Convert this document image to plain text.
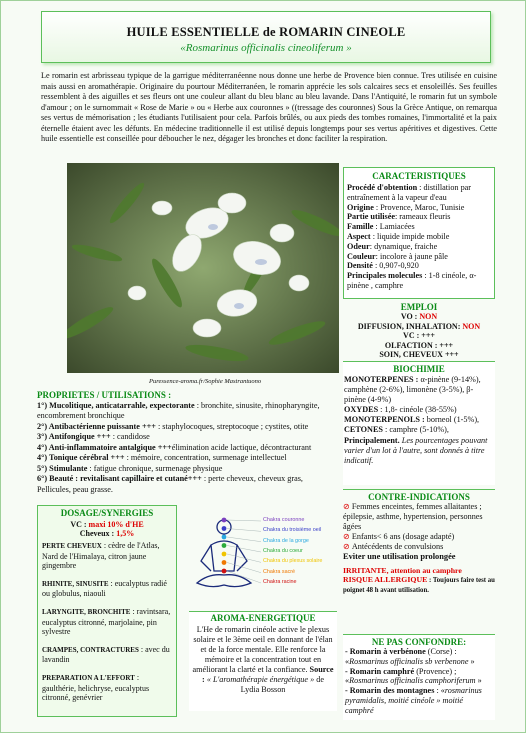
HUILE ESSENTIELLE de ROMARIN CINEOLE
«Rosmarinus officinalis cineoliferum »
Le romarin est arbrisseau typique de la garrigue méditerranéenne nous donne une herbe de Provence bien connue. Tres utilisée en cuisine mais aussi en aromathérapie. Originaire du pourtour Méditerranéen, le romarin apprécie les sols calcaires secs et ensoleillés. Ses feuilles ressemblent à des aiguilles et ses fleurs ont une couleur allant du bleu blanc au bleu lavande. Dans l'Antiquité, le romarin fut un symbole d'amour ; on le surnommait « Rose de Marie » ou « Herbe aux couronnes » ((tressage des couronnes) Sous la Grèce Antique, on remarqua ses vertus de mémorisation ; les étudiants l'utilisaient pour cela. Parfois brûlés, ou aux pieds des tombes romaines, l'immortalité et la paix éternelle étaient avec les défunts. En médecine traditionnelle il est utilisé depuis longtemps pour ses vertus apéritives et digestives. Cette huile essentielle est conseillée pour déboucher le nez, dégager les bronches et donc faciliter la respiration.
Puressence-aroma.fr/Sophie Mastrantuono
CARACTERISTIQUES
Procédé d'obtention : distillation par entraînement à la vapeur d'eau
Origine : Provence, Maroc, Tunisie
Partie utilisée: rameaux fleuris
Famille : Lamiacées
Aspect : liquide impide mobile
Odeur: dynamique, fraiche
Couleur: incolore à jaune pâle
Densité : 0,907-0,920
Principales molecules : 1-8 cinéole, α-pinène , camphre
EMPLOI
VO : NON
DIFFUSION, INHALATION: NON
VC : +++
OLFACTION : +++
SOIN, CHEVEUX +++
BIOCHIMIE
MONOTERPENES : α-pinène (9-14%), camphène (2-6%), limonène (3-5%), β-pinène (4-9%)
OXYDES : 1,8- cinéole (38-55%)
MONOTERPENOLS : borneol (1-5%),
CETONES : camphre (5-10%),
Principalement. Les pourcentages pouvant varier d'un lot à l'autre, sont donnés à titre indicatif.
PROPRIETES / UTILISATIONS :
1°) Mucolitique, anticatarrahle, expectorante : bronchite, sinusite, rhinopharyngite, encombrement bronchique
2°) Antibactérienne puissante +++ : staphylocoques, streptocoque ; cystites, otite
3°) Antifongique +++ : candidose
4°) Anti-inflammatoire antalgique +++élimination acide lactique, décontracturant
4°) Tonique cérébral +++ : mémoire, concentration, surmenage intellectuel
5°) Stimulante : fatigue chronique, surmenage physique
6°) Beauté : revitalisant capillaire et cutané+++ : perte cheveux, cheveux gras, Pellicules, peau grasse.
DOSAGE/SYNERGIES
VC : maxi 10% d'HE
Cheveux : 1,5%
PERTE CHEVEUX : cèdre de l'Atlas, Nard de l'Himalaya, citron jaune gingembre
RHINITE, SINUSITE : eucalyptus radié ou globulus, niaouli
LARYNGITE, BRONCHITE : ravintsara, eucalyptus citronné, marjolaine, pin sylvestre
CRAMPES, CONTRACTURES : avec du lavandin
PREPARATION A L'EFFORT : gaulthérie, helichryse, eucalyptus citronné, genévrier
Chakra couronne
Chakra du troisième oeil
Chakra de la gorge
Chakra du coeur
Chakra du plexus solaire
Chakra sacré
Chakra racine
AROMA-ENERGETIQUE
L'He de romarin cinéole active le plexus solaire et le 3ème oeil en donnant de l'élan et de la force mentale. Elle renforce la mémoire et la concentration tout en améliorant la clarté et la confiance. Source : « L'aromathérapie énergétique » de Lydia Bosson
CONTRE-INDICATIONS
⊘ Femmes enceintes, femmes allaitantes ; épilepsie, asthme, hypertension, personnes âgées
⊘ Enfants< 6 ans (dosage adapté)
⊘ Antécédents de convulsions
Eviter une utilisation prolongée
IRRITANTE, attention au camphre
RISQUE ALLERGIQUE : Toujours faire test au poignet 48 h avant utilisation.
NE PAS CONFONDRE:
- Romarin à verbénone (Corse) : «Rosmarinus officinalis sb verbenone »
- Romarin camphré (Provence) ; «Rosmarinus officinalis camphoriferum »
- Romarin des montagnes : «rosmarinus pyramidalis, moitié cinéole » moitié camphré
